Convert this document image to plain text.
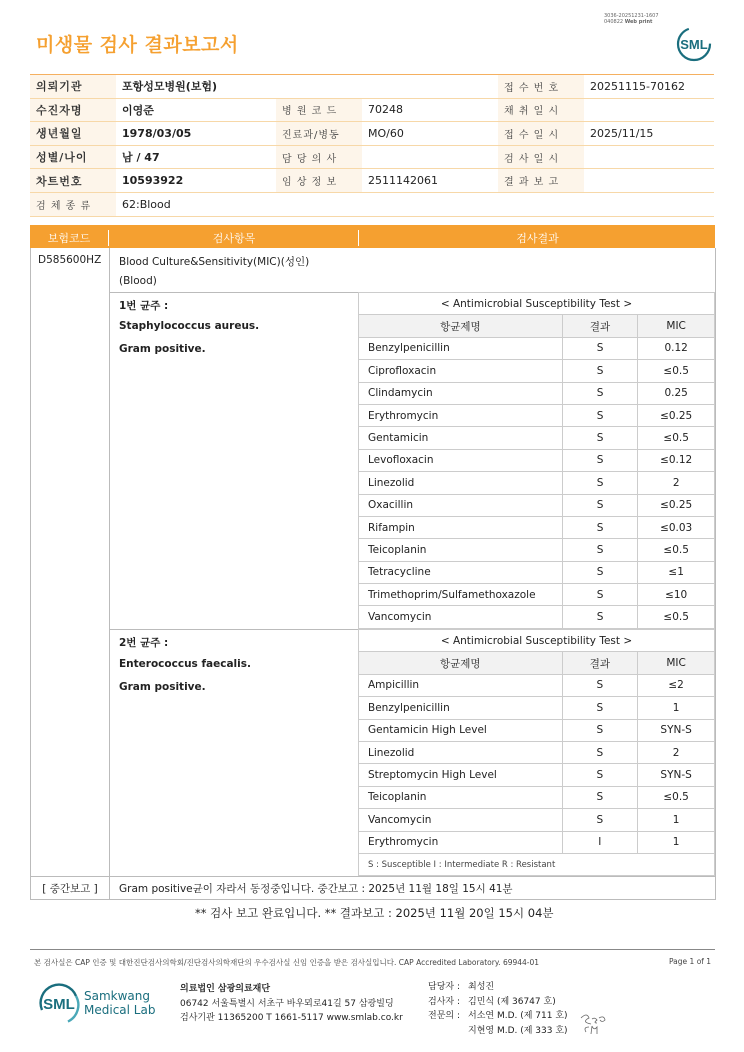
3036-20251231-1607
040822 Web print
미생물 검사 결과보고서	SML
의뢰기관	포항성모병원(보험)			접 수 번 호	20251115-70162
수진자명	이영준	병 원 코 드	70248	채 취 일 시	
생년월일	1978/03/05	진료과/병동	MO/60	접 수 일 시	2025/11/15
성별/나이	남 / 47	담 당 의 사		검 사 일 시	
차트번호	10593922	임 상 정 보	2511142061	결 과 보 고	
검 체 종 류	62:Blood				
보험코드	검사항목	검사결과
D585600HZ Blood Culture&Sensitivity(MIC)(성인)
(Blood)
1번 균주 :
Staphylococcus aureus.
Gram positive.
< Antimicrobial Susceptibility Test >		
항균제명	결과	MIC
Benzylpenicillin	S	0.12
Ciprofloxacin	S	≤0.5
Clindamycin	S	0.25
Erythromycin	S	≤0.25
Gentamicin	S	≤0.5
Levofloxacin	S	≤0.12
Linezolid	S	2
Oxacillin	S	≤0.25
Rifampin	S	≤0.03
Teicoplanin	S	≤0.5
Tetracycline	S	≤1
Trimethoprim/Sulfamethoxazole	S	≤10
Vancomycin	S	≤0.5
2번 균주 :
Enterococcus faecalis.
Gram positive.
< Antimicrobial Susceptibility Test >		
항균제명	결과	MIC
Ampicillin	S	≤2
Benzylpenicillin	S	1
Gentamicin High Level	S	SYN-S
Linezolid	S	2
Streptomycin High Level	S	SYN-S
Teicoplanin	S	≤0.5
Vancomycin	S	1
Erythromycin	I	1
S : Susceptible I : Intermediate R : Resistant		
[ 중간보고 ]	Gram positive균이 자라서 동정중입니다. 중간보고 : 2025년 11월 18일 15시 41분
** 검사 보고 완료입니다. ** 결과보고 : 2025년 11월 20일 15시 04분
본 검사실은 CAP 인증 및 대한진단검사의학회/진단검사의학재단의 우수검사실 신임 인증을 받은 검사실입니다. CAP Accredited Laboratory. 69944-01	Page 1 of 1
SML Samkwang
Medical Lab
의료법인 삼광의료재단
06742 서울특별시 서초구 바우뫼로41길 57 삼광빌딩
검사기관 11365200 T 1661-5117 www.smlab.co.kr
담당자 : 최성진
검사자 : 김민식 (제 36747 호)
전문의 : 서소연 M.D. (제 711 호)
지현영 M.D. (제 333 호)
